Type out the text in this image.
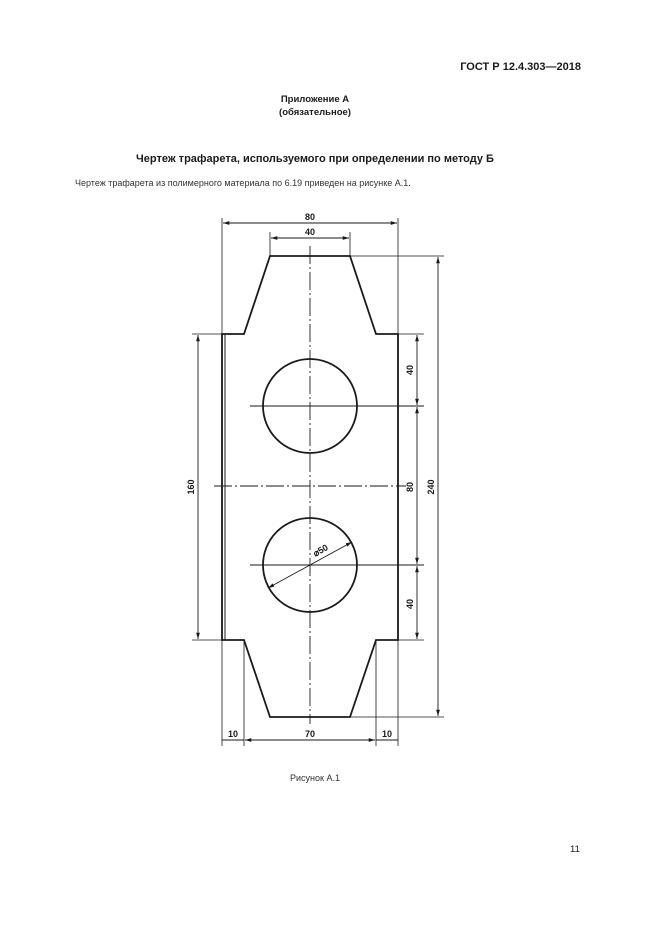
ГОСТ Р 12.4.303—2018
Приложение А
(обязательное)
Чертеж трафарета, используемого при определении по методу Б
Чертеж трафарета из полимерного материала по 6.19 приведен на рисунке А.1.
80
40
240
160
40
80
40
⌀50
10	70	10
Рисунок А.1
11
